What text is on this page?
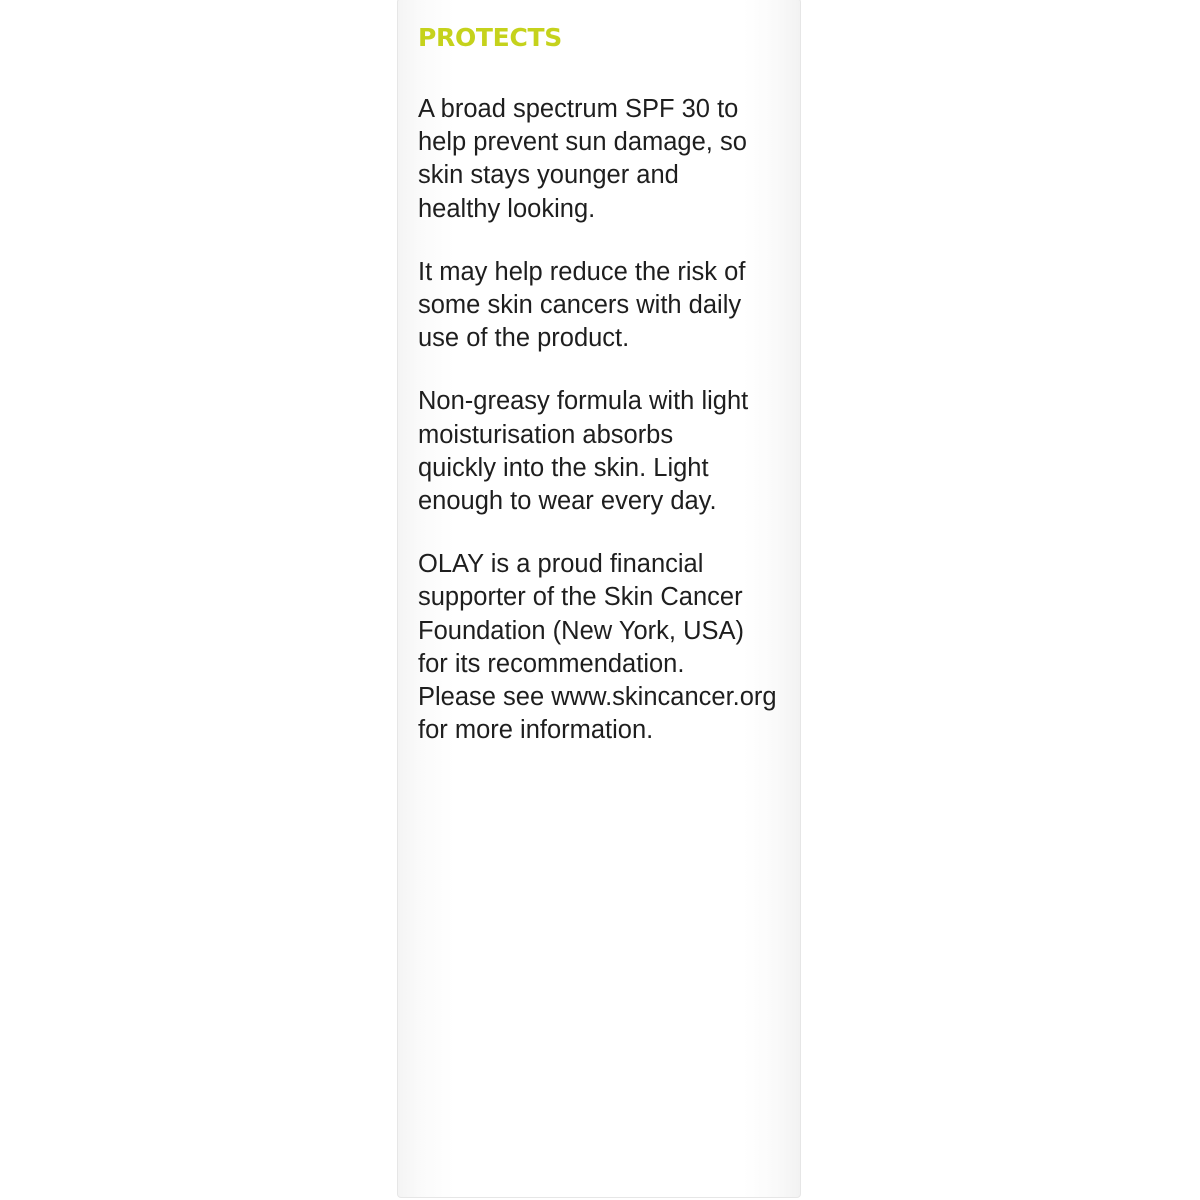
PROTECTS

A broad spectrum SPF 30 to
help prevent sun damage, so
skin stays younger and
healthy looking.

It may help reduce the risk of
some skin cancers with daily
use of the product.

Non-greasy formula with light
moisturisation absorbs
quickly into the skin. Light
enough to wear every day.

OLAY is a proud financial
supporter of the Skin Cancer
Foundation (New York, USA)
for its recommendation.
Please see www.skincancer.org
for more information.
